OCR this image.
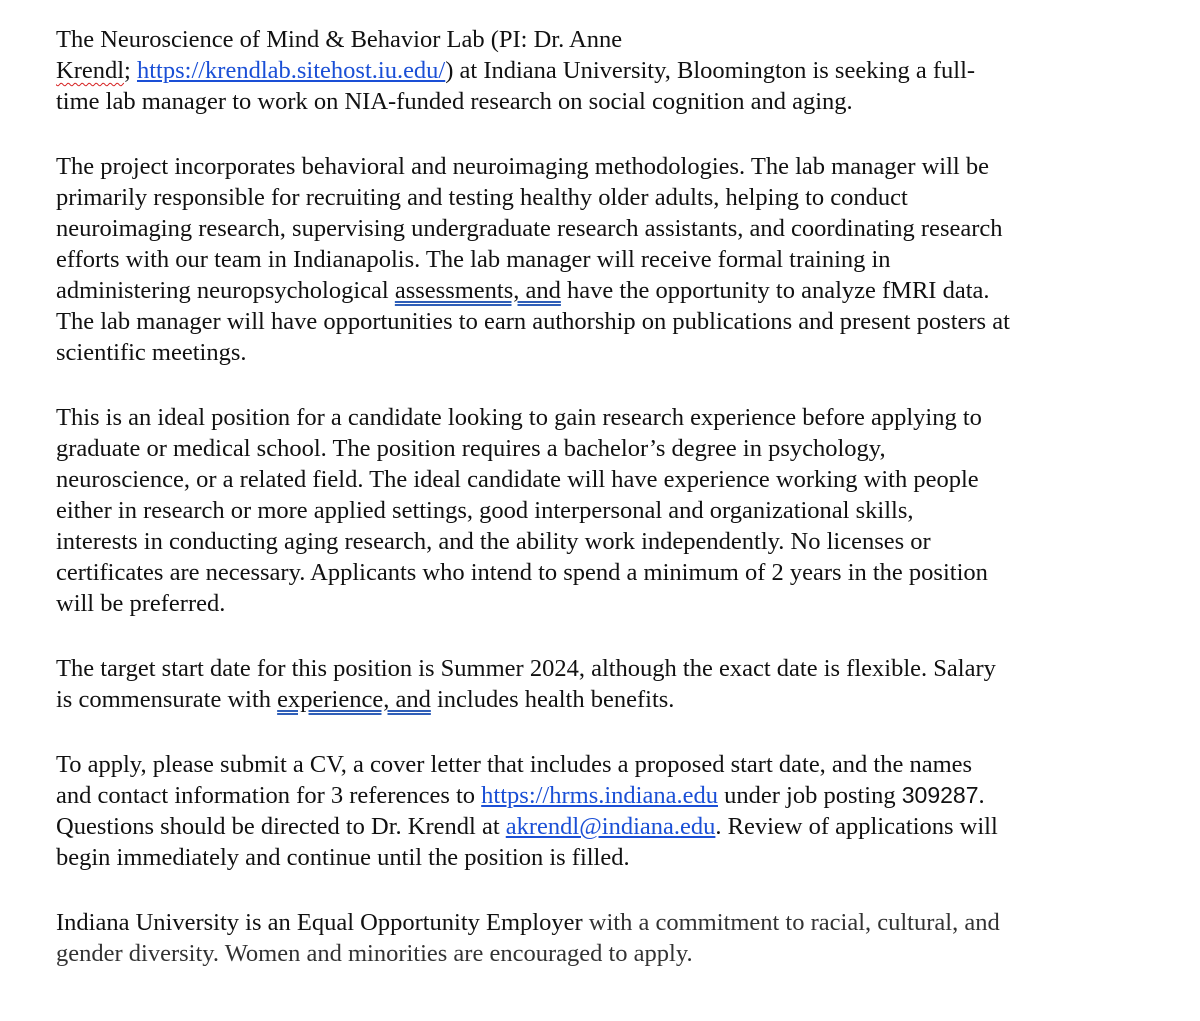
The Neuroscience of Mind & Behavior Lab (PI: Dr. Anne
Krendl; https://krendlab.sitehost.iu.edu/) at Indiana University, Bloomington is seeking a full-
time lab manager to work on NIA-funded research on social cognition and aging.

The project incorporates behavioral and neuroimaging methodologies. The lab manager will be
primarily responsible for recruiting and testing healthy older adults, helping to conduct
neuroimaging research, supervising undergraduate research assistants, and coordinating research
efforts with our team in Indianapolis. The lab manager will receive formal training in
administering neuropsychological assessments, and have the opportunity to analyze fMRI data.
The lab manager will have opportunities to earn authorship on publications and present posters at
scientific meetings.

This is an ideal position for a candidate looking to gain research experience before applying to
graduate or medical school. The position requires a bachelor’s degree in psychology,
neuroscience, or a related field. The ideal candidate will have experience working with people
either in research or more applied settings, good interpersonal and organizational skills,
interests in conducting aging research, and the ability work independently. No licenses or
certificates are necessary. Applicants who intend to spend a minimum of 2 years in the position
will be preferred.

The target start date for this position is Summer 2024, although the exact date is flexible. Salary
is commensurate with experience, and includes health benefits.

To apply, please submit a CV, a cover letter that includes a proposed start date, and the names
and contact information for 3 references to https://hrms.indiana.edu under job posting 309287.
Questions should be directed to Dr. Krendl at akrendl@indiana.edu. Review of applications will
begin immediately and continue until the position is filled.

Indiana University is an Equal Opportunity Employer with a commitment to racial, cultural, and
gender diversity. Women and minorities are encouraged to apply.
